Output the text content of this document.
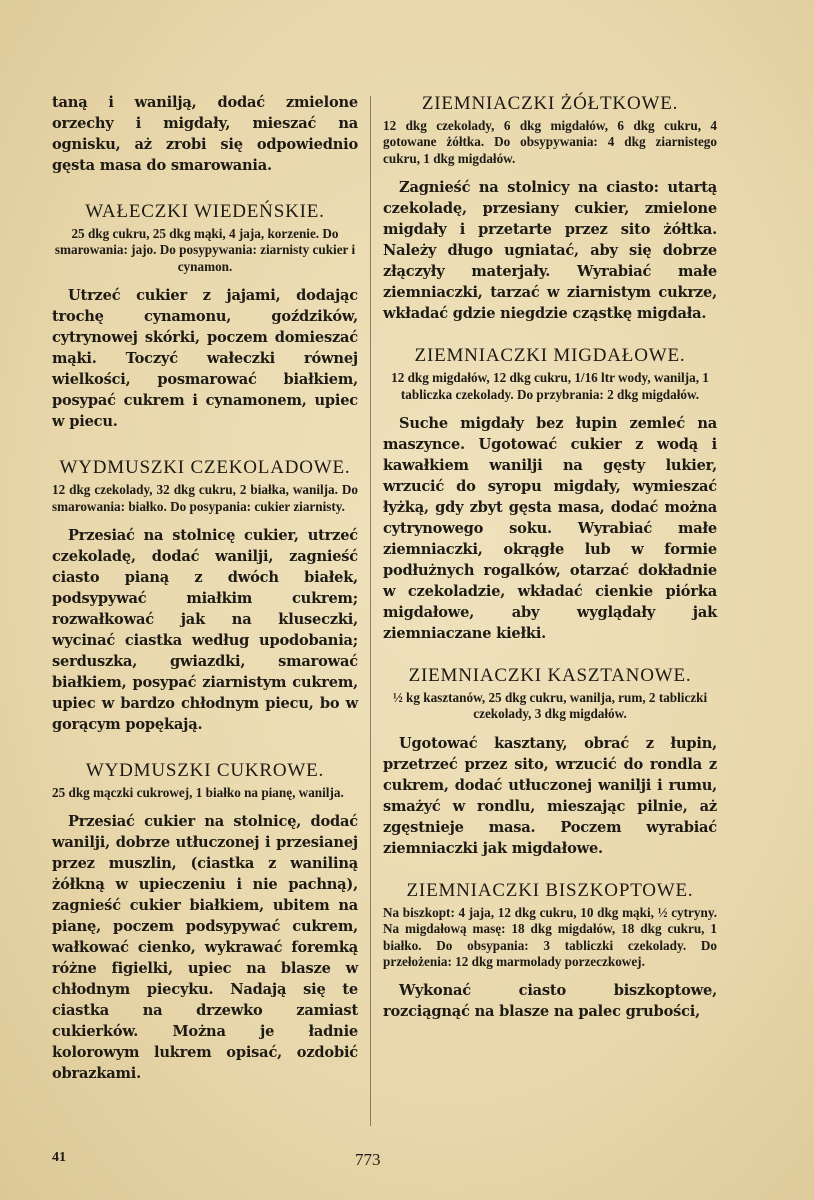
taną i wanilją, dodać zmielone orzechy i migdały, mieszać na ognisku, aż zrobi się odpowiednio gęsta masa do smarowania.

WAŁECZKI WIEDEŃSKIE.

25 dkg cukru, 25 dkg mąki, 4 jaja, korzenie. Do smarowania: jajo. Do posypywania: ziarnisty cukier i cynamon.

Utrzeć cukier z jajami, dodając trochę cynamonu, goździków, cytrynowej skórki, poczem domieszać mąki. Toczyć wałeczki równej wielkości, posmarować białkiem, posypać cukrem i cynamonem, upiec w piecu.

WYDMUSZKI CZEKOLADOWE.

12 dkg czekolady, 32 dkg cukru, 2 białka, wanilja. Do smarowania: białko. Do posypania: cukier ziarnisty.

Przesiać na stolnicę cukier, utrzeć czekoladę, dodać wanilji, zagnieść ciasto pianą z dwóch białek, podsypywać miałkim cukrem; rozwałkować jak na kluseczki, wycinać ciastka według upodobania; serduszka, gwiazdki, smarować białkiem, posypać ziarnistym cukrem, upiec w bardzo chłodnym piecu, bo w gorącym popękają.

WYDMUSZKI CUKROWE.

25 dkg mączki cukrowej, 1 białko na pianę, wanilja.

Przesiać cukier na stolnicę, dodać wanilji, dobrze utłuczonej i przesianej przez muszlin, (ciastka z waniliną żółkną w upieczeniu i nie pachną), zagnieść cukier białkiem, ubitem na pianę, poczem podsypywać cukrem, wałkować cienko, wykrawać foremką różne figielki, upiec na blasze w chłodnym piecyku. Nadają się te ciastka na drzewko zamiast cukierków. Można je ładnie kolorowym lukrem opisać, ozdobić obrazkami.

ZIEMNIACZKI ŻÓŁTKOWE.

12 dkg czekolady, 6 dkg migdałów, 6 dkg cukru, 4 gotowane żółtka. Do obsypywania: 4 dkg ziarnistego cukru, 1 dkg migdałów.

Zagnieść na stolnicy na ciasto: utartą czekoladę, przesiany cukier, zmielone migdały i przetarte przez sito żółtka. Należy długo ugniatać, aby się dobrze złączyły materjały. Wyrabiać małe ziemniaczki, tarzać w ziarnistym cukrze, wkładać gdzie niegdzie cząstkę migdała.

ZIEMNIACZKI MIGDAŁOWE.

12 dkg migdałów, 12 dkg cukru, 1/16 ltr wody, wanilja, 1 tabliczka czekolady. Do przybrania: 2 dkg migdałów.

Suche migdały bez łupin zemleć na maszynce. Ugotować cukier z wodą i kawałkiem wanilji na gęsty lukier, wrzucić do syropu migdały, wymieszać łyżką, gdy zbyt gęsta masa, dodać można cytrynowego soku. Wyrabiać małe ziemniaczki, okrągłe lub w formie podłużnych rogalków, otarzać dokładnie w czekoladzie, wkładać cienkie piórka migdałowe, aby wyglądały jak ziemniaczane kiełki.

ZIEMNIACZKI KASZTANOWE.

½ kg kasztanów, 25 dkg cukru, wanilja, rum, 2 tabliczki czekolady, 3 dkg migdałów.

Ugotować kasztany, obrać z łupin, przetrzeć przez sito, wrzucić do rondla z cukrem, dodać utłuczonej wanilji i rumu, smażyć w rondlu, mieszając pilnie, aż zgęstnieje masa. Poczem wyrabiać ziemniaczki jak migdałowe.

ZIEMNIACZKI BISZKOPTOWE.

Na biszkopt: 4 jaja, 12 dkg cukru, 10 dkg mąki, ½ cytryny. Na migdałową masę: 18 dkg migdałów, 18 dkg cukru, 1 białko. Do obsypania: 3 tabliczki czekolady. Do przełożenia: 12 dkg marmolady porzeczkowej.

Wykonać ciasto biszkoptowe, rozciągnąć na blasze na palec grubości,

41	773
